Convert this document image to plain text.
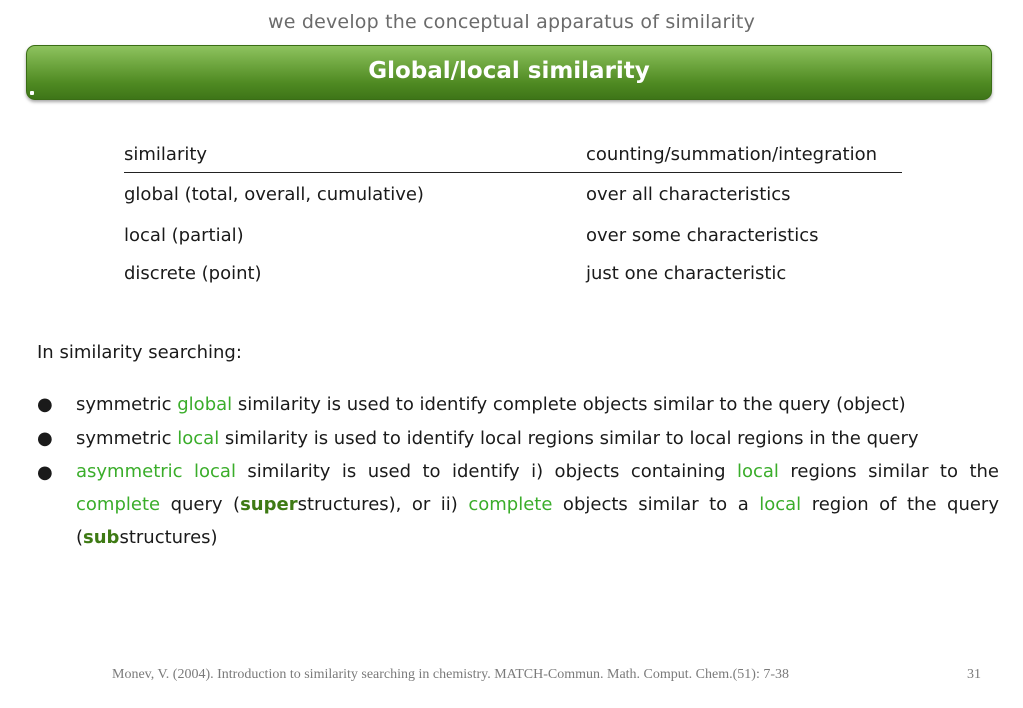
we develop the conceptual apparatus of similarity
Global/local similarity
similarity	counting/summation/integration
global (total, overall, cumulative)	over all characteristics
local (partial)	over some characteristics
discrete (point)	just one characteristic
In similarity searching:
● symmetric global similarity is used to identify complete objects similar to the query (object)
● symmetric local similarity is used to identify local regions similar to local regions in the query
● asymmetric local similarity is used to identify i) objects containing local regions similar to the complete query (superstructures), or ii) complete objects similar to a local region of the query (substructures)
Monev, V. (2004). Introduction to similarity searching in chemistry. MATCH-Commun. Math. Comput. Chem.(51): 7-38	31
